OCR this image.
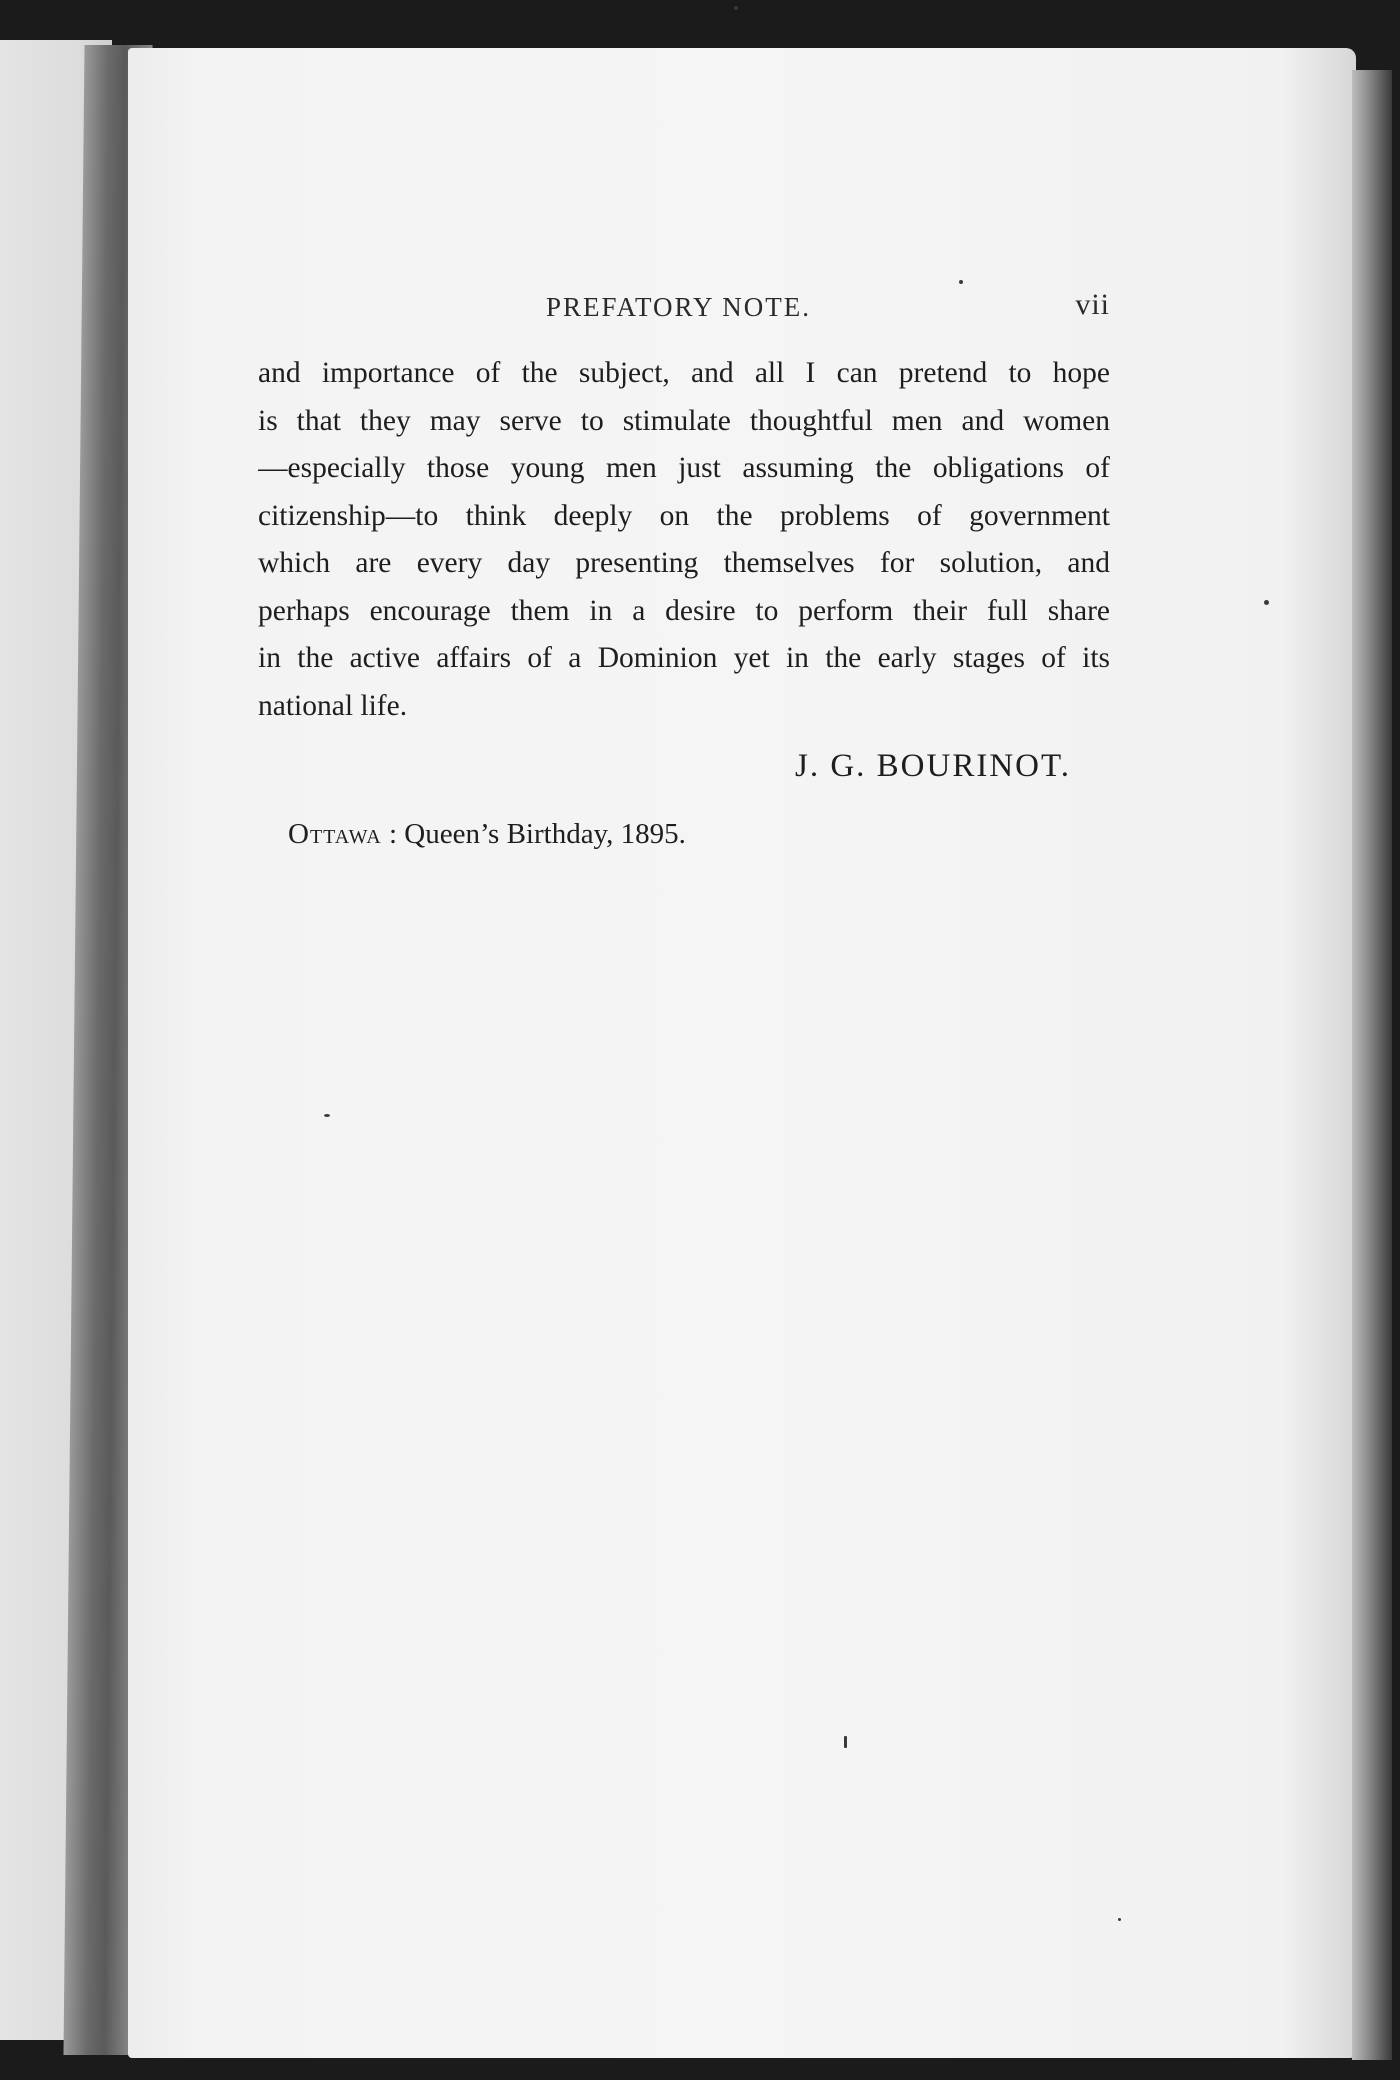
PREFATORY NOTE.	vii
and importance of the subject, and all I can pretend to hope
is that they may serve to stimulate thoughtful men and women
—especially those young men just assuming the obligations of
citizenship—to think deeply on the problems of government
which are every day presenting themselves for solution, and
perhaps encourage them in a desire to perform their full share
in the active affairs of a Dominion yet in the early stages of its
national life.
J. G. BOURINOT.
Ottawa : Queen’s Birthday, 1895.
